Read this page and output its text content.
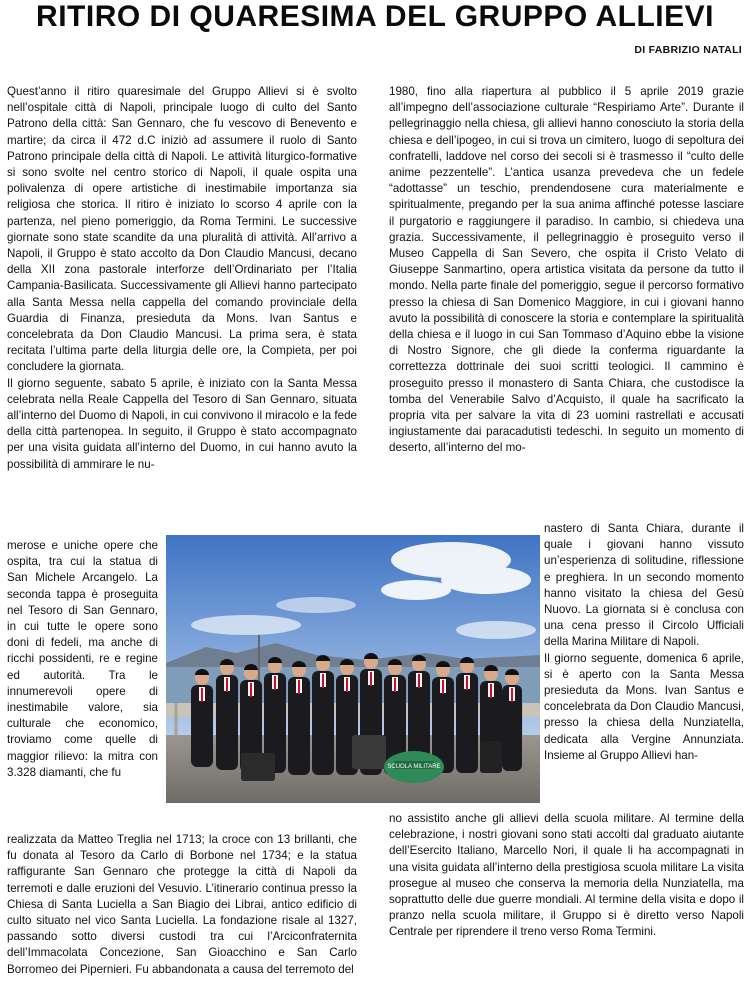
RITIRO DI QUARESIMA DEL GRUPPO ALLIEVI
DI FABRIZIO NATALI

Quest’anno il ritiro quaresimale del Gruppo Allievi si è svolto nell’ospitale città di Napoli, principale luogo di culto del Santo Patrono della città: San Gennaro, che fu vescovo di Benevento e martire; da circa il 472 d.C iniziò ad assumere il ruolo di Santo Patrono principale della città di Napoli. Le attività liturgico-formative si sono svolte nel centro storico di Napoli, il quale ospita una polivalenza di opere artistiche di inestimabile importanza sia religiosa che storica. Il ritiro è iniziato lo scorso 4 aprile con la partenza, nel pieno pomeriggio, da Roma Termini. Le successive giornate sono state scandite da una pluralità di attività. All’arrivo a Napoli, il Gruppo è stato accolto da Don Claudio Mancusi, decano della XII zona pastorale interforze dell’Ordinariato per l’Italia Campania-Basilicata. Successivamente gli Allievi hanno partecipato alla Santa Messa nella cappella del comando provinciale della Guardia di Finanza, presieduta da Mons. Ivan Santus e concelebrata da Don Claudio Mancusi. La prima sera, è stata recitata l’ultima parte della liturgia delle ore, la Compieta, per poi concludere la giornata.

Il giorno seguente, sabato 5 aprile, è iniziato con la Santa Messa celebrata nella Reale Cappella del Tesoro di San Gennaro, situata all’interno del Duomo di Napoli, in cui convivono il miracolo e la fede della città partenopea. In seguito, il Gruppo è stato accompagnato per una visita guidata all’interno del Duomo, in cui hanno avuto la possibilità di ammirare le nu-

merose e uniche opere che ospita, tra cui la statua di San Michele Arcangelo. La seconda tappa è proseguita nel Tesoro di San Gennaro, in cui tutte le opere sono doni di fedeli, ma anche di ricchi possidenti, re e regine ed autorità. Tra le innumerevoli opere di inestimabile valore, sia culturale che economico, troviamo come quelle di maggior rilievo: la mitra con 3.328 diamanti, che fu

realizzata da Matteo Treglia nel 1713; la croce con 13 brillanti, che fu donata al Tesoro da Carlo di Borbone nel 1734; e la statua raffigurante San Gennaro che protegge la città di Napoli da terremoti e dalle eruzioni del Vesuvio. L’itinerario continua presso la Chiesa di Santa Luciella a San Biagio dei Librai, antico edificio di culto situato nel vico Santa Luciella. La fondazione risale al 1327, passando sotto diversi custodi tra cui l’Arciconfraternita dell’Immacolata Concezione, San Gioacchino e San Carlo Borromeo dei Pipernieri. Fu abbandonata a causa del terremoto del

1980, fino alla riapertura al pubblico il 5 aprile 2019 grazie all’impegno dell’associazione culturale “Respiriamo Arte”. Durante il pellegrinaggio nella chiesa, gli allievi hanno conosciuto la storia della chiesa e dell’ipogeo, in cui si trova un cimitero, luogo di sepoltura dei confratelli, laddove nel corso dei secoli si è trasmesso il “culto delle anime pezzentelle”. L’antica usanza prevedeva che un fedele “adottasse” un teschio, prendendosene cura materialmente e spiritualmente, pregando per la sua anima affinché potesse lasciare il purgatorio e raggiungere il paradiso. In cambio, si chiedeva una grazia. Successivamente, il pellegrinaggio è proseguito verso il Museo Cappella di San Severo, che ospita il Cristo Velato di Giuseppe Sanmartino, opera artistica visitata da persone da tutto il mondo. Nella parte finale del pomeriggio, segue il percorso formativo presso la chiesa di San Domenico Maggiore, in cui i giovani hanno avuto la possibilità di conoscere la storia e contemplare la spiritualità della chiesa e il luogo in cui San Tommaso d’Aquino ebbe la visione di Nostro Signore, che gli diede la conferma riguardante la correttezza dottrinale dei suoi scritti teologici. Il cammino è proseguito presso il monastero di Santa Chiara, che custodisce la tomba del Venerabile Salvo d’Acquisto, il quale ha sacrificato la propria vita per salvare la vita di 23 uomini rastrellati e accusati ingiustamente dai paracadutisti tedeschi. In seguito un momento di deserto, all’interno del mo-

nastero di Santa Chiara, durante il quale i giovani hanno vissuto un’esperienza di solitudine, riflessione e preghiera. In un secondo momento hanno visitato la chiesa del Gesù Nuovo. La giornata si è conclusa con una cena presso il Circolo Ufficiali della Marina Militare di Napoli.

Il giorno seguente, domenica 6 aprile, si è aperto con la Santa Messa presieduta da Mons. Ivan Santus e concelebrata da Don Claudio Mancusi, presso la chiesa della Nunziatella, dedicata alla Vergine Annunziata. Insieme al Gruppo Allievi han-

no assistito anche gli allievi della scuola militare. Al termine della celebrazione, i nostri giovani sono stati accolti dal graduato aiutante dell’Esercito Italiano, Marcello Nori, il quale li ha accompagnati in una visita guidata all’interno della prestigiosa scuola militare La visita prosegue al museo che conserva la memoria della Nunziatella, ma soprattutto delle due guerre mondiali. Al termine della visita e dopo il pranzo nella scuola militare, il Gruppo si è diretto verso Napoli Centrale per riprendere il treno verso Roma Termini.

SCUOLA MILITARE
